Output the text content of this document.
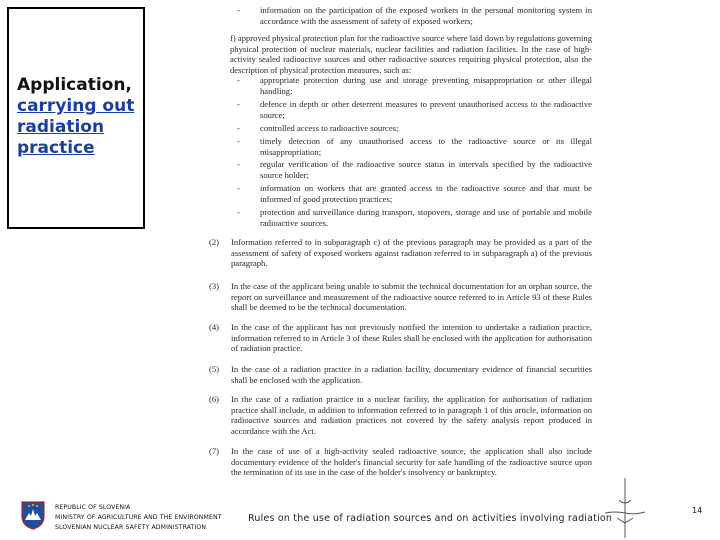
Application,
carrying out
radiation
practice
- information on the participation of the exposed workers in the personal monitoring system in accordance with the assessment of safety of exposed workers;
f) approved physical protection plan for the radioactive source where laid down by regulations governing physical protection of nuclear materials, nuclear facilities and radiation facilities. In the case of high-activity sealed radioactive sources and other radioactive sources requiring physical protection, also the description of physical protection measures, such as:
- appropriate protection during use and storage preventing misappropriation or other illegal handling;
- defence in depth or other deterrent measures to prevent unauthorised access to the radioactive source;
- controlled access to radioactive sources;
- timely detection of any unauthorised access to the radioactive source or its illegal misappropriation;
- regular verification of the radioactive source status in intervals specified by the radioactive source holder;
- information on workers that are granted access to the radioactive source and that must be informed of good protection practices;
- protection and surveillance during transport, stopovers, storage and use of portable and mobile radioactive sources.
(2) Information referred to in subparagraph c) of the previous paragraph may be provided as a part of the assessment of safety of exposed workers against radiation referred to in subparagraph a) of the previous paragraph.
(3) In the case of the applicant being unable to submit the technical documentation for an orphan source, the report on surveillance and measurement of the radioactive source referred to in Article 93 of these Rules shall be deemed to be the technical documentation.
(4) In the case of the applicant has not previously notified the intention to undertake a radiation practice, information referred to in Article 3 of these Rules shall be enclosed with the application for authorisation of radiation practice.
(5) In the case of a radiation practice in a radiation facility, documentary evidence of financial securities shall be enclosed with the application.
(6) In the case of a radiation practice in a nuclear facility, the application for authorisation of radiation practice shall include, in addition to information referred to in paragraph 1 of this article, information on radioactive sources and radiation practices not covered by the safety analysis report produced in accordance with the Act.
(7) In the case of use of a high-activity sealed radioactive source, the application shall also include documentary evidence of the holder's financial security for safe handling of the radioactive source upon the termination of its use in the case of the holder's insolvency or bankruptcy.
REPUBLIC OF SLOVENIA
MINISTRY OF AGRICULTURE AND THE ENVIRONMENT
SLOVENIAN NUCLEAR SAFETY ADMINISTRATION
Rules on the use of radiation sources and on activities involving radiation
14
